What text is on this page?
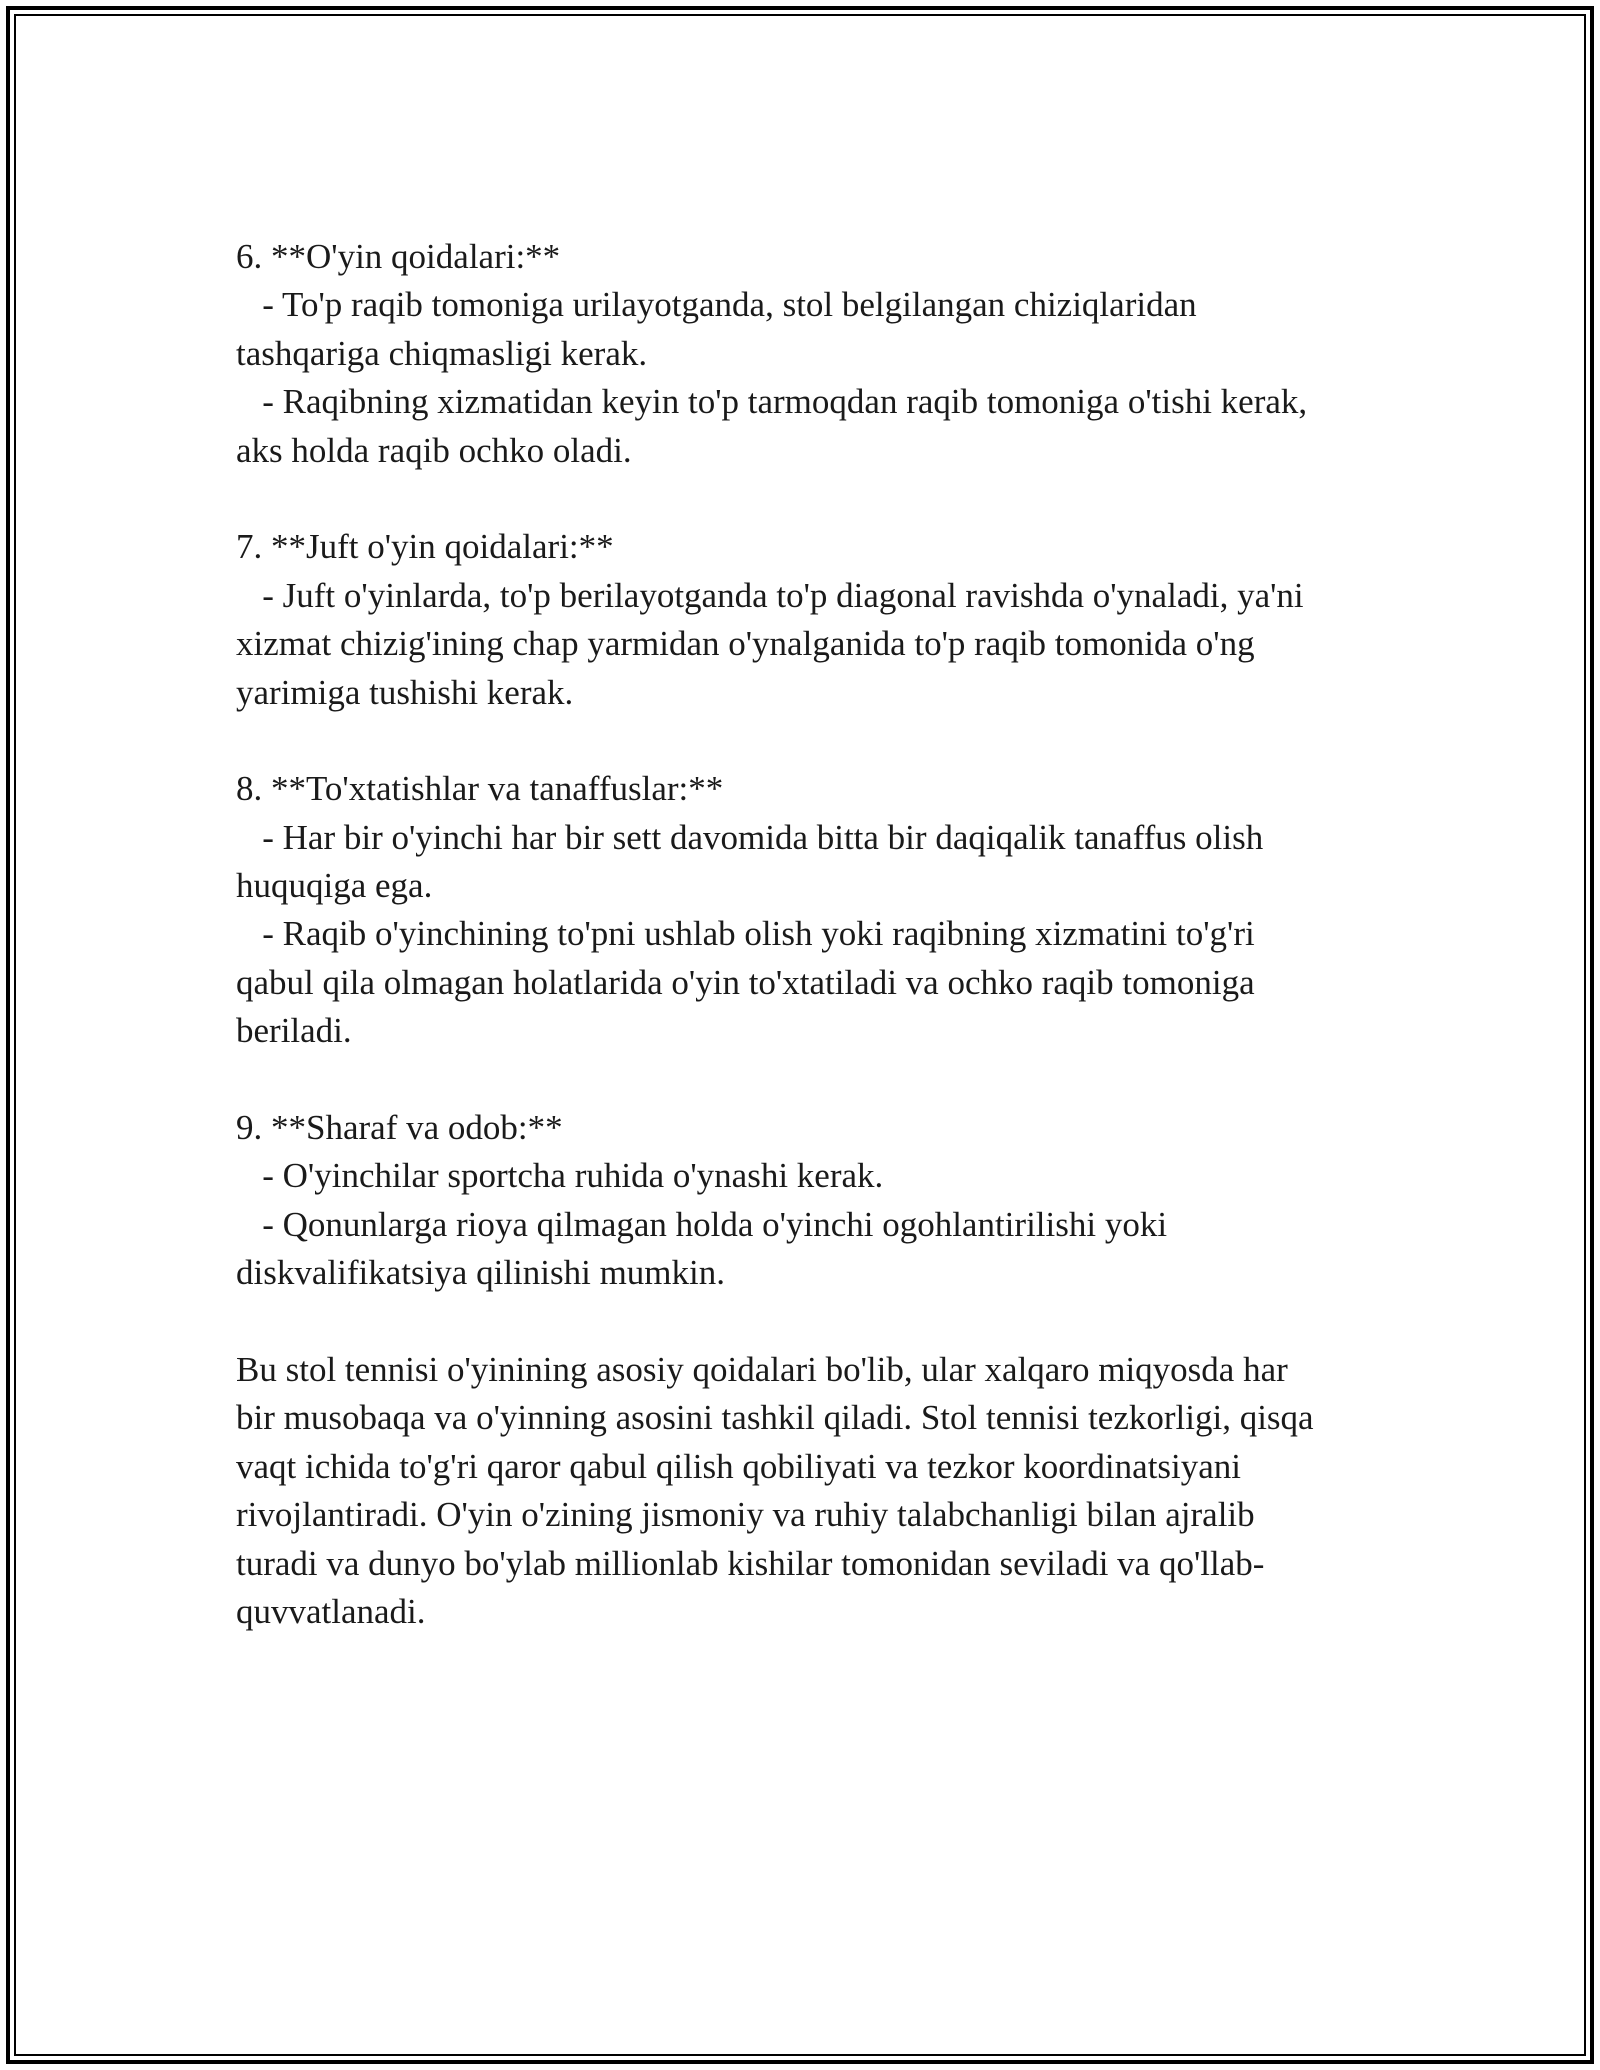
6. **O'yin qoidalari:**

- To'p raqib tomoniga urilayotganda, stol belgilangan chiziqlaridan

tashqariga chiqmasligi kerak.

- Raqibning xizmatidan keyin to'p tarmoqdan raqib tomoniga o'tishi kerak,

aks holda raqib ochko oladi.

7. **Juft o'yin qoidalari:**

- Juft o'yinlarda, to'p berilayotganda to'p diagonal ravishda o'ynaladi, ya'ni

xizmat chizig'ining chap yarmidan o'ynalganida to'p raqib tomonida o'ng

yarimiga tushishi kerak.

8. **To'xtatishlar va tanaffuslar:**

- Har bir o'yinchi har bir sett davomida bitta bir daqiqalik tanaffus olish

huquqiga ega.

- Raqib o'yinchining to'pni ushlab olish yoki raqibning xizmatini to'g'ri

qabul qila olmagan holatlarida o'yin to'xtatiladi va ochko raqib tomoniga

beriladi.

9. **Sharaf va odob:**

- O'yinchilar sportcha ruhida o'ynashi kerak.

- Qonunlarga rioya qilmagan holda o'yinchi ogohlantirilishi yoki

diskvalifikatsiya qilinishi mumkin.

Bu stol tennisi o'yinining asosiy qoidalari bo'lib, ular xalqaro miqyosda har

bir musobaqa va o'yinning asosini tashkil qiladi. Stol tennisi tezkorligi, qisqa

vaqt ichida to'g'ri qaror qabul qilish qobiliyati va tezkor koordinatsiyani

rivojlantiradi. O'yin o'zining jismoniy va ruhiy talabchanligi bilan ajralib

turadi va dunyo bo'ylab millionlab kishilar tomonidan seviladi va qo'llab-

quvvatlanadi.
